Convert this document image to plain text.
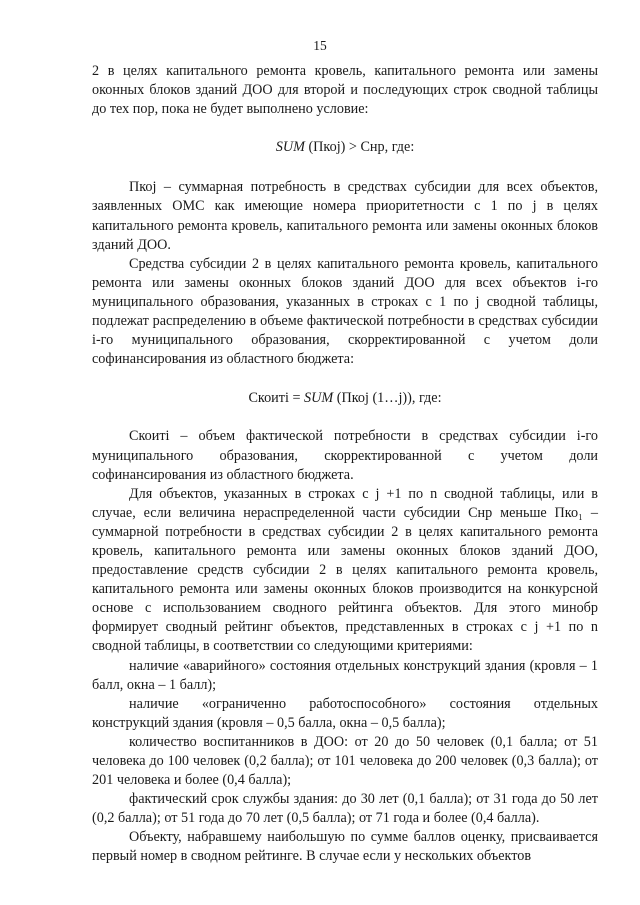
15

2 в целях капитального ремонта кровель, капитального ремонта или замены оконных блоков зданий ДОО для второй и последующих строк сводной таблицы до тех пор, пока не будет выполнено условие:

SUM (Пкоj) > Снр, где:

Пкоj – суммарная потребность в средствах субсидии для всех объектов, заявленных ОМС как имеющие номера приоритетности с 1 по j в целях капитального ремонта кровель, капитального ремонта или замены оконных блоков зданий ДОО.

Средства субсидии 2 в целях капитального ремонта кровель, капитального ремонта или замены оконных блоков зданий ДОО для всех объектов i-го муниципального образования, указанных в строках с 1 по j сводной таблицы, подлежат распределению в объеме фактической потребности в средствах субсидии i-го муниципального образования, скорректированной с учетом доли софинансирования из областного бюджета:

Скоиті = SUM (Пкоj (1…j)), где:

Скоиті – объем фактической потребности в средствах субсидии i-го муниципального образования, скорректированной с учетом доли софинансирования из областного бюджета.

Для объектов, указанных в строках с j +1 по n сводной таблицы, или в случае, если величина нераспределенной части субсидии Снр меньше Пко₁ – суммарной потребности в средствах субсидии 2 в целях капитального ремонта кровель, капитального ремонта или замены оконных блоков зданий ДОО, предоставление средств субсидии 2 в целях капитального ремонта кровель, капитального ремонта или замены оконных блоков производится на конкурсной основе с использованием сводного рейтинга объектов. Для этого минобр формирует сводный рейтинг объектов, представленных в строках с j +1 по n сводной таблицы, в соответствии со следующими критериями:

наличие «аварийного» состояния отдельных конструкций здания (кровля – 1 балл, окна – 1 балл);

наличие «ограниченно работоспособного» состояния отдельных конструкций здания (кровля – 0,5 балла, окна – 0,5 балла);

количество воспитанников в ДОО: от 20 до 50 человек (0,1 балла; от 51 человека до 100 человек (0,2 балла); от 101 человека до 200 человек (0,3 балла); от 201 человека и более (0,4 балла);

фактический срок службы здания: до 30 лет (0,1 балла); от 31 года до 50 лет (0,2 балла); от 51 года до 70 лет (0,5 балла); от 71 года и более (0,4 балла).

Объекту, набравшему наибольшую по сумме баллов оценку, присваивается первый номер в сводном рейтинге. В случае если у нескольких объектов
